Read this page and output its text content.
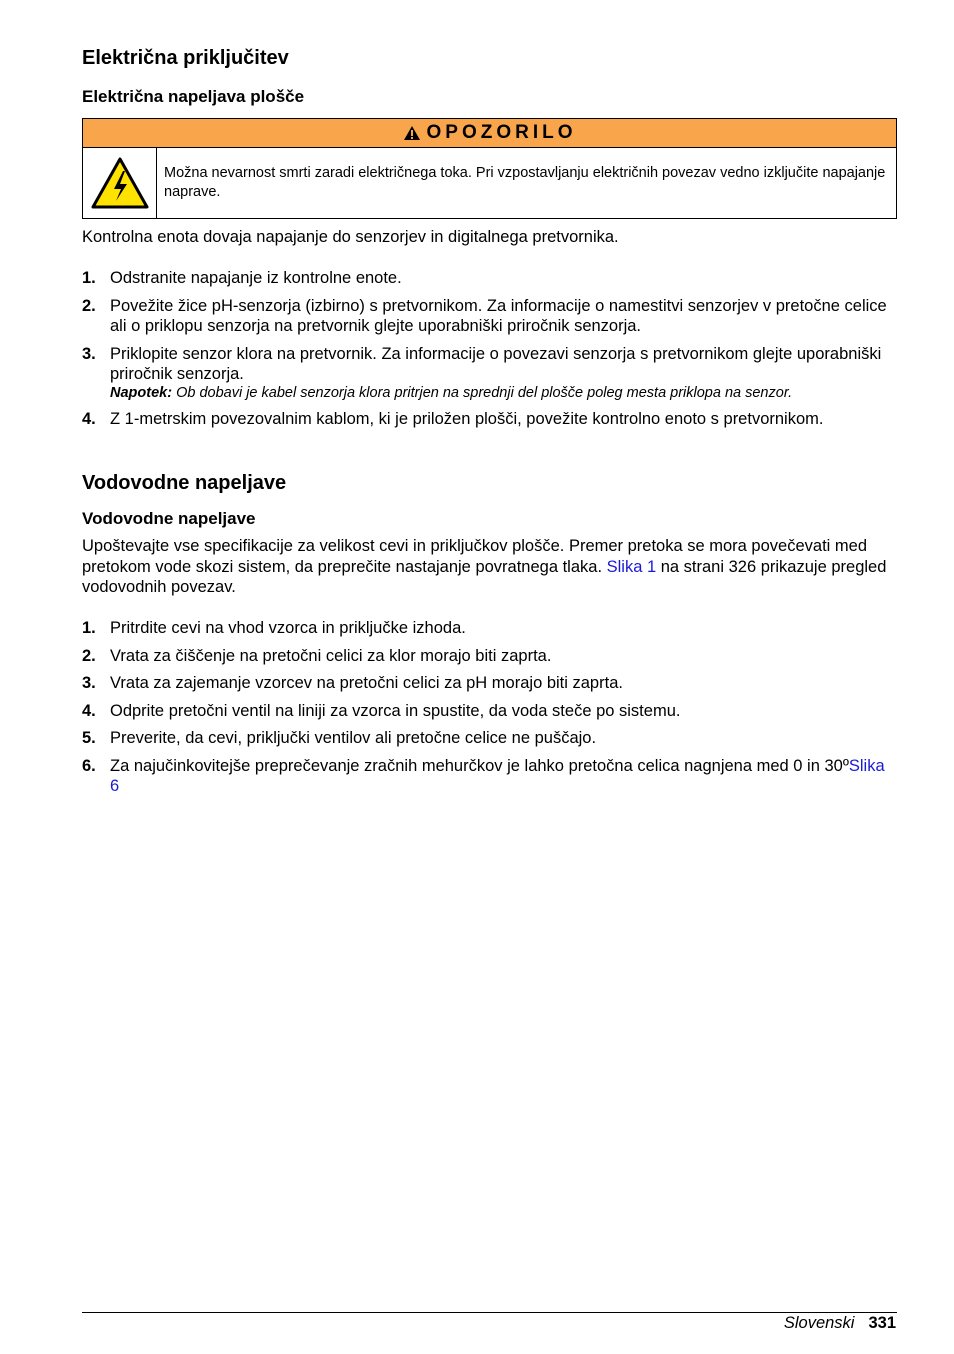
Električna priključitev
Električna napeljava plošče
OPOZORILO
Možna nevarnost smrti zaradi električnega toka. Pri vzpostavljanju električnih povezav vedno izključite napajanje naprave.

Kontrolna enota dovaja napajanje do senzorjev in digitalnega pretvornika.

1. Odstranite napajanje iz kontrolne enote.
2. Povežite žice pH-senzorja (izbirno) s pretvornikom. Za informacije o namestitvi senzorjev v pretočne celice ali o priklopu senzorja na pretvornik glejte uporabniški priročnik senzorja.
3. Priklopite senzor klora na pretvornik. Za informacije o povezavi senzorja s pretvornikom glejte uporabniški priročnik senzorja.
Napotek: Ob dobavi je kabel senzorja klora pritrjen na sprednji del plošče poleg mesta priklopa na senzor.
4. Z 1-metrskim povezovalnim kablom, ki je priložen plošči, povežite kontrolno enoto s pretvornikom.
Vodovodne napeljave
Vodovodne napeljave

Upoštevajte vse specifikacije za velikost cevi in priključkov plošče. Premer pretoka se mora povečevati med pretokom vode skozi sistem, da preprečite nastajanje povratnega tlaka. Slika 1 na strani 326 prikazuje pregled vodovodnih povezav.

1. Pritrdite cevi na vhod vzorca in priključke izhoda.
2. Vrata za čiščenje na pretočni celici za klor morajo biti zaprta.
3. Vrata za zajemanje vzorcev na pretočni celici za pH morajo biti zaprta.
4. Odprite pretočni ventil na liniji za vzorca in spustite, da voda steče po sistemu.
5. Preverite, da cevi, priključki ventilov ali pretočne celice ne puščajo.
6. Za najučinkovitejše preprečevanje zračnih mehurčkov je lahko pretočna celica nagnjena med 0 in 30ºSlika 6
Slovenski 331
